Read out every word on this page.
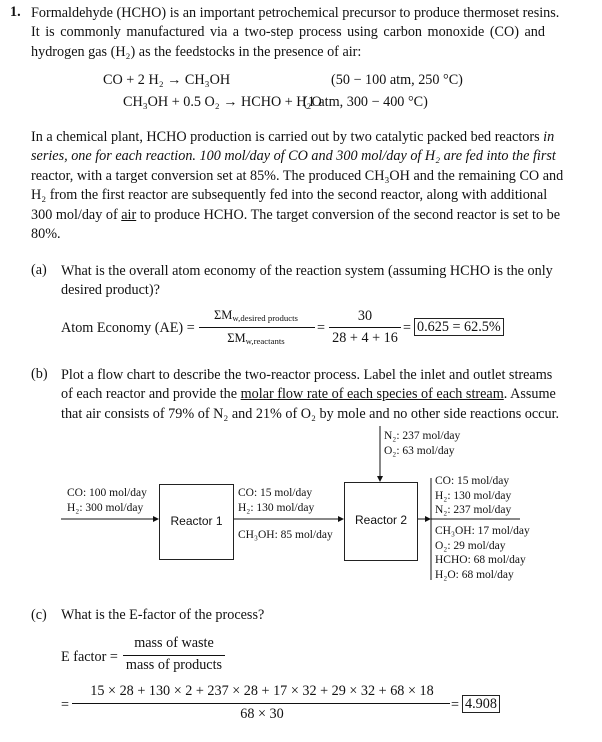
1. Formaldehyde (HCHO) is an important petrochemical precursor to produce thermoset resins.
It is commonly manufactured via a two-step process using carbon monoxide (CO) and
hydrogen gas (H₂) as the feedstocks in the presence of air:
CO + 2 H₂ → CH₃OH	(50 − 100 atm, 250 °C)
CH₃OH + 0.5 O₂ → HCHO + H₂O
(1 atm, 300 − 400 °C)
In a chemical plant, HCHO production is carried out by two catalytic packed bed reactors in
series, one for each reaction. 100 mol/day of CO and 300 mol/day of H₂ are fed into the first
reactor, with a target conversion set at 85%. The produced CH₃OH and the remaining CO and
H₂ from the first reactor are subsequently fed into the second reactor, along with additional
300 mol/day of air to produce HCHO. The target conversion of the second reactor is set to be
80%.
(a) What is the overall atom economy of the reaction system (assuming HCHO is the only
desired product)?
Atom Economy (AE) =
$\Sigma M_{w,desired products}$
$\Sigma M_{w,reactants}$
=
30
28 + 4 + 16
= 0.625 = 62.5%
(b) Plot a flow chart to describe the two-reactor process. Label the inlet and outlet streams
of each reactor and provide the molar flow rate of each species of each stream. Assume
that air consists of 79% of N₂ and 21% of O₂ by mole and no other side reactions occur.
Reactor 1	Reactor 2
CO: 100 mol/day
H₂: 300 mol/day
CO: 15 mol/day
H₂: 130 mol/day
CH₃OH: 85 mol/day
N₂: 237 mol/day
O₂: 63 mol/day
CO: 15 mol/day
H₂: 130 mol/day
N₂: 237 mol/day
CH₃OH: 17 mol/day
O₂: 29 mol/day
HCHO: 68 mol/day
H₂O: 68 mol/day
(c) What is the E-factor of the process?
E factor =
mass of waste
mass of products
=
15 × 28 + 130 × 2 + 237 × 28 + 17 × 32 + 29 × 32 + 68 × 18
68 × 30
= 4.908
